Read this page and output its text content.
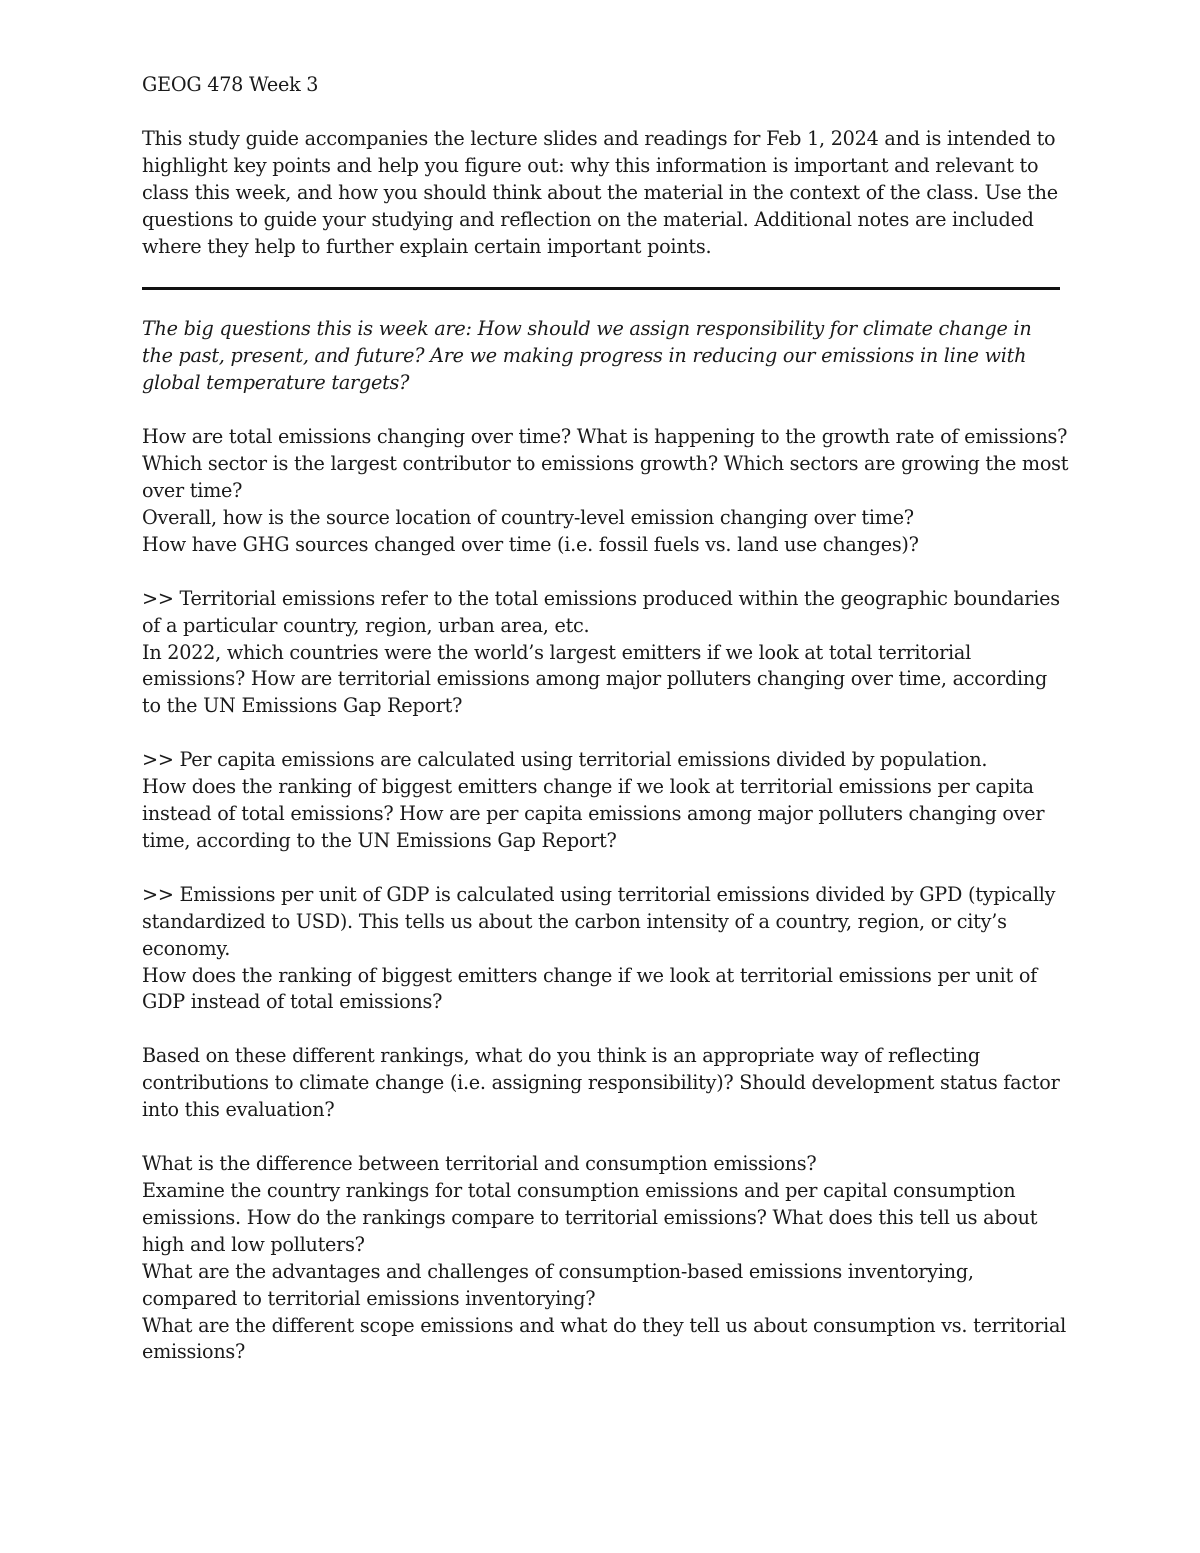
GEOG 478 Week 3
This study guide accompanies the lecture slides and readings for Feb 1, 2024 and is intended to
highlight key points and help you figure out: why this information is important and relevant to
class this week, and how you should think about the material in the context of the class. Use the
questions to guide your studying and reflection on the material. Additional notes are included
where they help to further explain certain important points.
The big questions this is week are: How should we assign responsibility for climate change in
the past, present, and future? Are we making progress in reducing our emissions in line with
global temperature targets?
How are total emissions changing over time? What is happening to the growth rate of emissions?
Which sector is the largest contributor to emissions growth? Which sectors are growing the most
over time?
Overall, how is the source location of country-level emission changing over time?
How have GHG sources changed over time (i.e. fossil fuels vs. land use changes)?
>> Territorial emissions refer to the total emissions produced within the geographic boundaries
of a particular country, region, urban area, etc.
In 2022, which countries were the world’s largest emitters if we look at total territorial
emissions? How are territorial emissions among major polluters changing over time, according
to the UN Emissions Gap Report?
>> Per capita emissions are calculated using territorial emissions divided by population.
How does the ranking of biggest emitters change if we look at territorial emissions per capita
instead of total emissions? How are per capita emissions among major polluters changing over
time, according to the UN Emissions Gap Report?
>> Emissions per unit of GDP is calculated using territorial emissions divided by GPD (typically
standardized to USD). This tells us about the carbon intensity of a country, region, or city’s
economy.
How does the ranking of biggest emitters change if we look at territorial emissions per unit of
GDP instead of total emissions?
Based on these different rankings, what do you think is an appropriate way of reflecting
contributions to climate change (i.e. assigning responsibility)? Should development status factor
into this evaluation?
What is the difference between territorial and consumption emissions?
Examine the country rankings for total consumption emissions and per capital consumption
emissions. How do the rankings compare to territorial emissions? What does this tell us about
high and low polluters?
What are the advantages and challenges of consumption-based emissions inventorying,
compared to territorial emissions inventorying?
What are the different scope emissions and what do they tell us about consumption vs. territorial
emissions?
